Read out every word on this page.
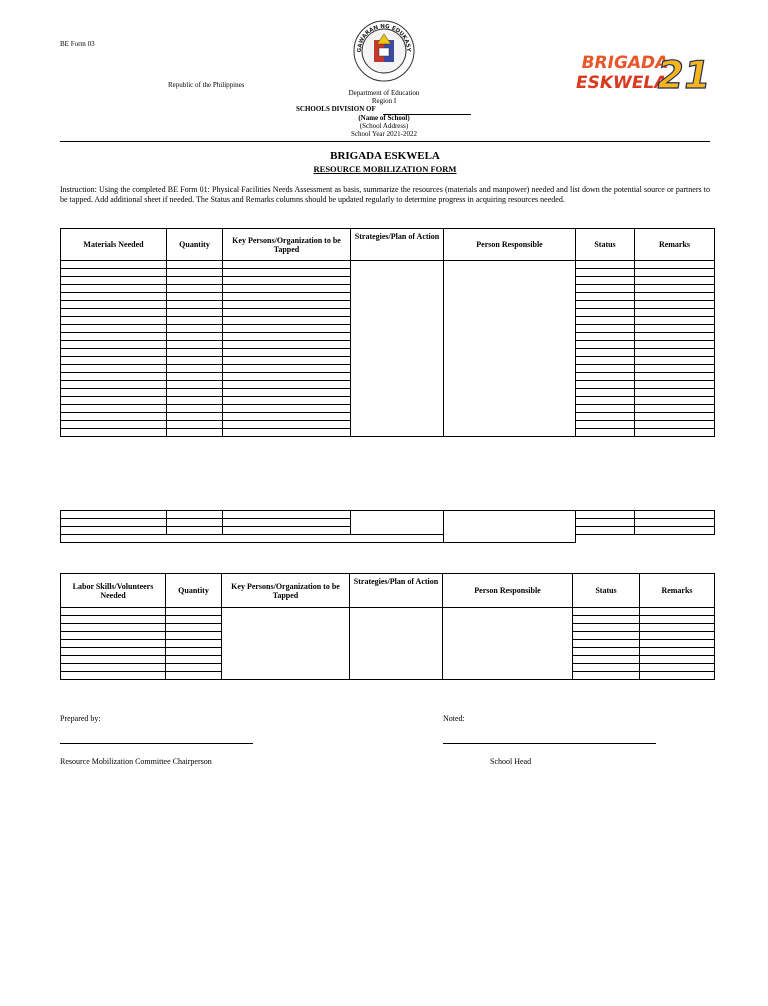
BE Form 03
GAWARAN NG EDUKASY
Republic of the Philippines
Department of Education
Region I
SCHOOLS DIVISION OF
(Name of School)
(School Address)
School Year 2021-2022
BRIGADA
ESKWELA
21
BRIGADA ESKWELA
RESOURCE MOBILIZATION FORM
Instruction: Using the completed BE Form 01: Physical Facilities Needs Assessment as basis, summarize the resources (materials and manpower) needed and list down the potential source or partners to be tapped. Add additional sheet if needed. The Status and Remarks columns should be updated regularly to determine progress in acquiring resources needed.
Materials Needed	Quantity	Key Persons/Organization to be Tapped	Strategies/Plan of Action	Person Responsible	Status	Remarks

Labor Skills/Volunteers Needed	Quantity	Key Persons/Organization to be Tapped	Strategies/Plan of Action	Person Responsible	Status	Remarks

Prepared by:	Noted:
Resource Mobilization Committee Chairperson	School Head
